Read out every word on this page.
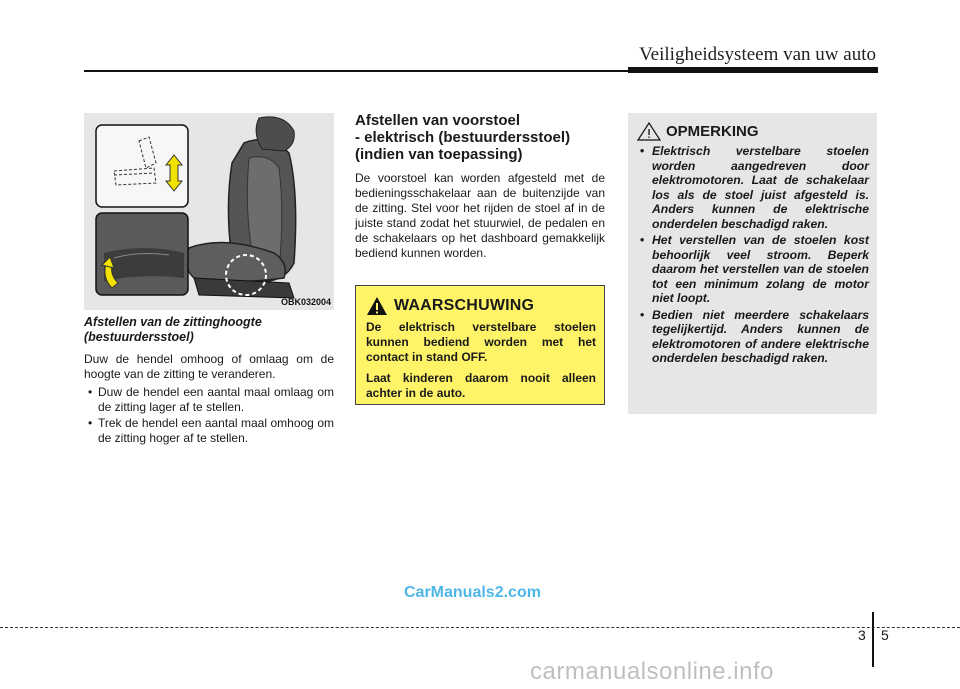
Veiligheidsysteem van uw auto
OBK032004

Afstellen van de zittinghoogte (bestuurdersstoel)

Duw de hendel omhoog of omlaag om de hoogte van de zitting te veranderen.

• Duw de hendel een aantal maal omlaag om de zitting lager af te stellen.
• Trek de hendel een aantal maal omhoog om de zitting hoger af te stellen.
Afstellen van voorstoel
- elektrisch (bestuurdersstoel)
(indien van toepassing)

De voorstoel kan worden afgesteld met de bedieningsschakelaar aan de buitenzijde van de zitting. Stel voor het rijden de stoel af in de juiste stand zodat het stuurwiel, de pedalen en de schakelaars op het dashboard gemakkelijk bediend kunnen worden.

WAARSCHUWING

De elektrisch verstelbare stoelen kunnen bediend worden met het contact in stand OFF.

Laat kinderen daarom nooit alleen achter in de auto.

OPMERKING
• Elektrisch verstelbare stoelen worden aangedreven door elektromotoren. Laat de schakelaar los als de stoel juist afgesteld is. Anders kunnen de elektrische onderdelen beschadigd raken.
• Het verstellen van de stoelen kost behoorlijk veel stroom. Beperk daarom het verstellen van de stoelen tot een minimum zolang de motor niet loopt.
• Bedien niet meerdere schakelaars tegelijkertijd. Anders kunnen de elektromotoren of andere elektrische onderdelen beschadigd raken.
CarManuals2.com
3 5
carmanualsonline.info
